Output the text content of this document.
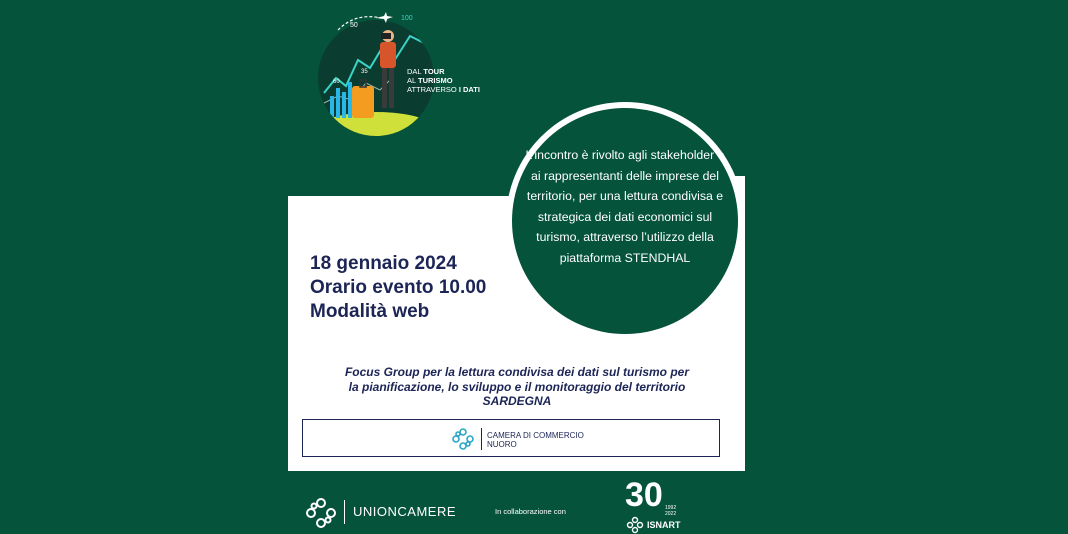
50
100
35
60
DAL TOUR
AL TURISMO
ATTRAVERSO I DATI
18 gennaio 2024
Orario evento 10.00
Modalità web
Focus Group per la lettura condivisa dei dati sul turismo per
la pianificazione, lo sviluppo e il monitoraggio del territorio
SARDEGNA
CAMERA DI COMMERCIO
NUORO
L’incontro è rivolto agli stakeholder e ai rappresentanti delle imprese del territorio, per una lettura condivisa e strategica dei dati economici sul turismo, attraverso l’utilizzo della piattaforma STENDHAL
UNIONCAMERE	In collaborazione con 30 1992
2022
ISNART
